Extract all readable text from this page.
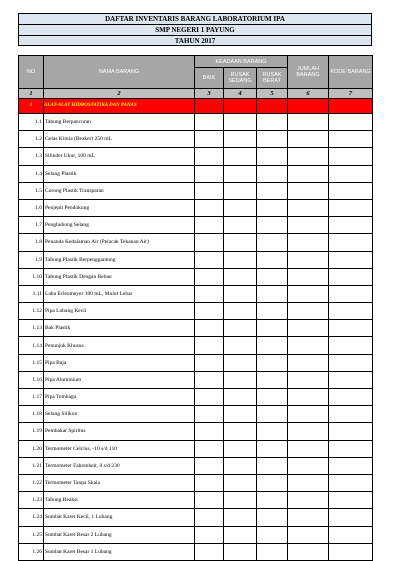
DAFTAR INVENTARIS BARANG LABORATORIUM IPA
SMP NEGERI 1 PAYUNG
TAHUN 2017
NO	NAMA BARANG	KEADAAN BARANG			JUMLAH BARANG	KODE BARANG
		BAIK	RUSAK SEDANG	RUSAK BERAT		
1	2	3	4	5	6	7
1	ALAT-ALAT HIDROSTATIKA DAN PANAS					
1.1	Tabung Berpancuran					
1.2	Gelas Kimia (Beaker) 250 mL					
1.3	Silinder Ukur, 100 mL					
1.4	Selang Plastik					
1.5	Corong Plastik Transparan					
1.6	Penjepit Pendukung					
1.7	Penghubung Selang					
1.8	Penanda Kedalaman Air (Pelacak Tekanan Air)					
1.9	Tabung Plastik Berpenggantung					
1.10	Tabung Plastik Dengan Beban					
1.11	Labu Erlenmeyer 100 mL, Mulut Lebar					
1.12	Pipa Lubang Kecil					
1.13	Bak Plastik					
1.14	Penunjuk Khusus					
1.15	Pipa Baja					
1.16	Pipa Aluminium					
1.17	Pipa Tembaga					
1.18	Selang Silikon					
1.19	Pembakar Spiritus					
1.20	Termometer Celcius, -10 s/d 110					
1.21	Termometer Fahrenheit, 0 s/d 230					
1.22	Termometer Tanpa Skala					
1.23	Tabung Reaksi					
1.24	Sumbat Karet Kecil, 1 Lubang					
1.25	Sumbat Karet Besar 2 Lubang					
1.26	Sumbat Karet Besar 1 Lubang					
